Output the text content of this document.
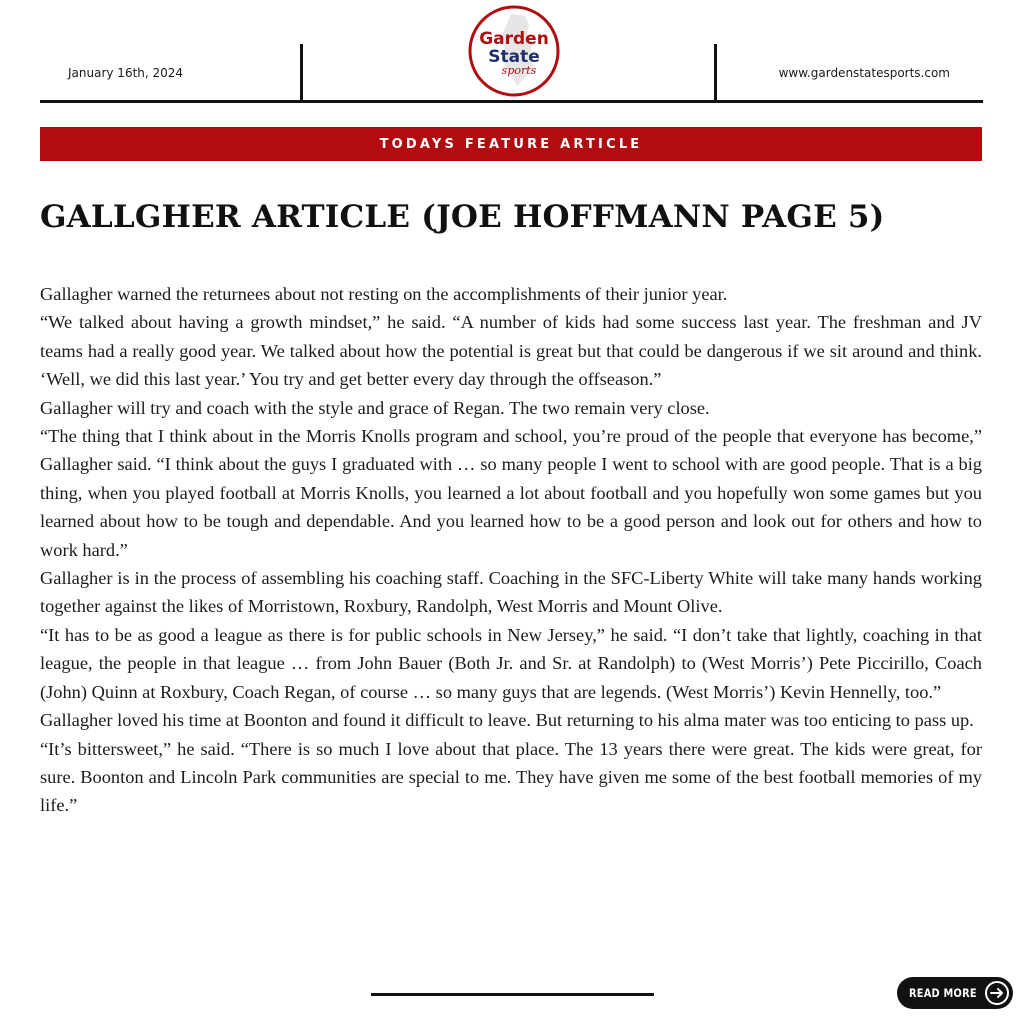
January 16th, 2024
Garden
State
sports	www.gardenstatesports.com
TODAYS FEATURE ARTICLE
GALLGHER ARTICLE (JOE HOFFMANN PAGE 5)

Gallagher warned the returnees about not resting on the accomplishments of their junior year.

“We talked about having a growth mindset,” he said. “A number of kids had some success last year. The freshman and JV teams had a really good year. We talked about how the potential is great but that could be dangerous if we sit around and think. ‘Well, we did this last year.’ You try and get better every day through the offseason.”

Gallagher will try and coach with the style and grace of Regan. The two remain very close.

“The thing that I think about in the Morris Knolls program and school, you’re proud of the people that everyone has become,” Gallagher said. “I think about the guys I graduated with … so many people I went to school with are good people. That is a big thing, when you played football at Morris Knolls, you learned a lot about football and you hopefully won some games but you learned about how to be tough and dependable. And you learned how to be a good person and look out for others and how to work hard.”

Gallagher is in the process of assembling his coaching staff. Coaching in the SFC-Liberty White will take many hands working together against the likes of Morristown, Roxbury, Randolph, West Morris and Mount Olive.

“It has to be as good a league as there is for public schools in New Jersey,” he said. “I don’t take that lightly, coaching in that league, the people in that league … from John Bauer (Both Jr. and Sr. at Randolph) to (West Morris’) Pete Piccirillo, Coach (John) Quinn at Roxbury, Coach Regan, of course … so many guys that are legends. (West Morris’) Kevin Hennelly, too.”

Gallagher loved his time at Boonton and found it difficult to leave. But returning to his alma mater was too enticing to pass up.

“It’s bittersweet,” he said. “There is so much I love about that place. The 13 years there were great. The kids were great, for sure. Boonton and Lincoln Park communities are special to me. They have given me some of the best football memories of my life.”

READ MORE
